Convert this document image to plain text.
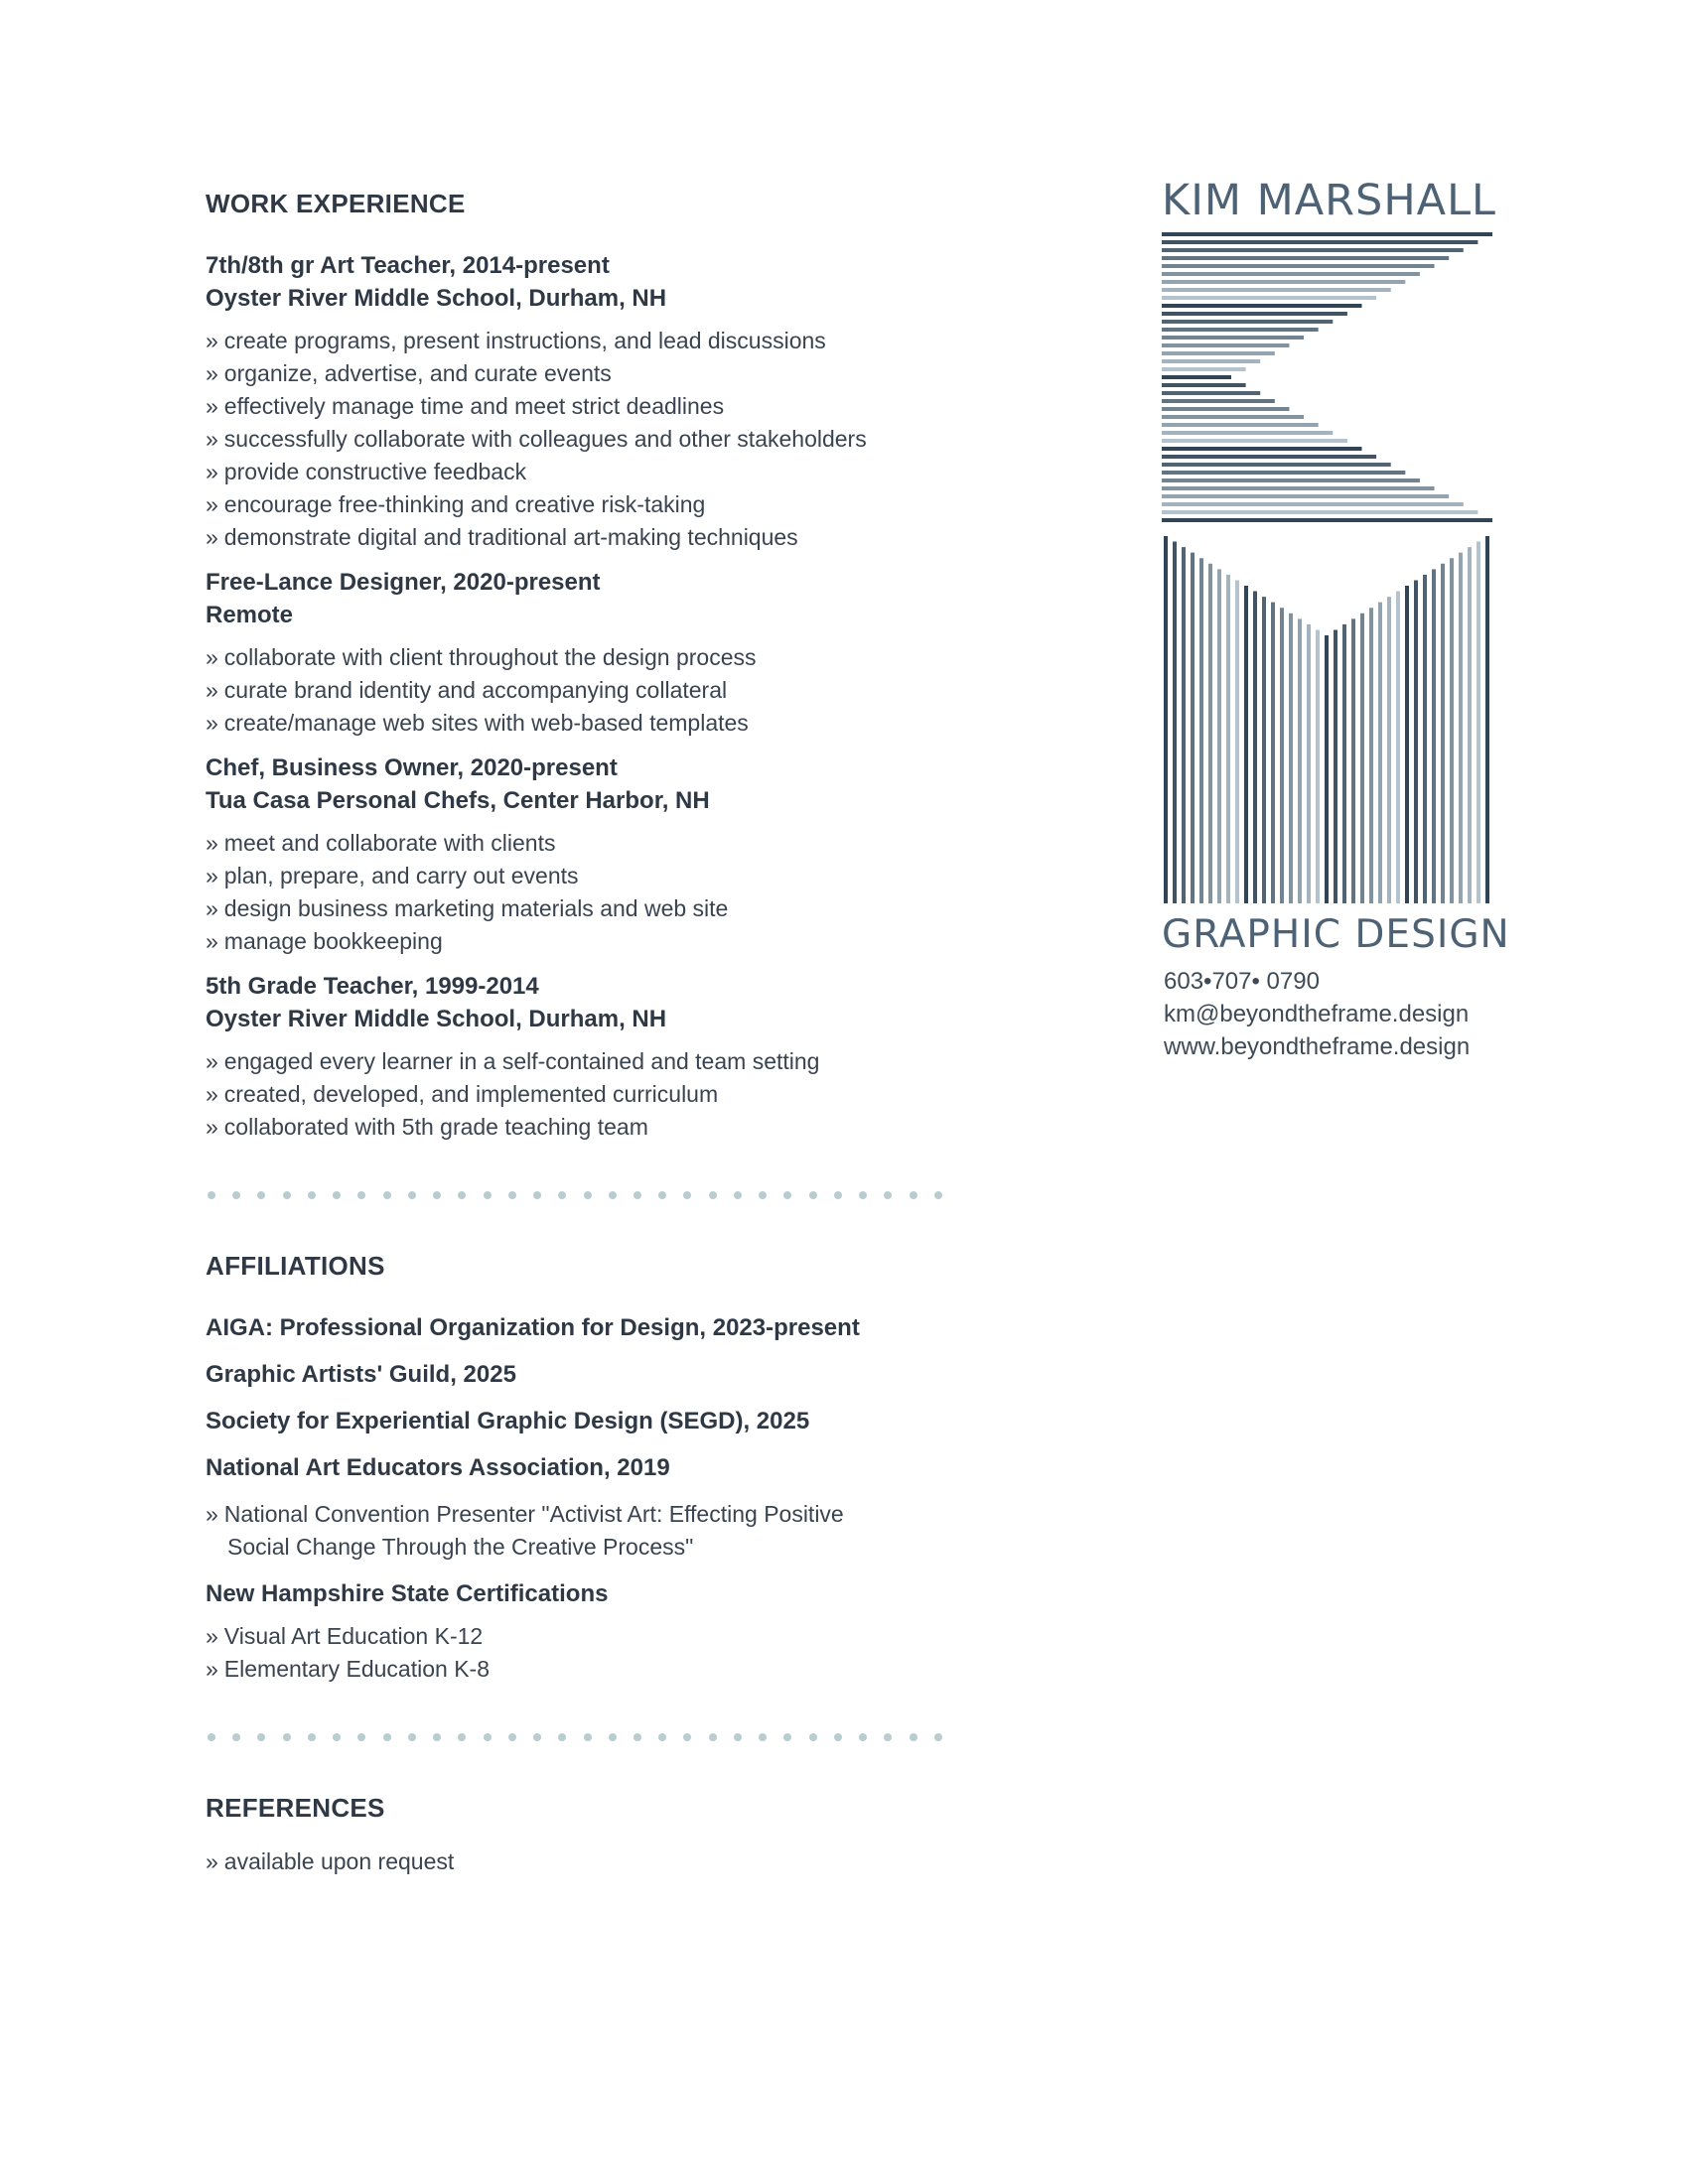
WORK EXPERIENCE
7th/8th gr Art Teacher, 2014-present
Oyster River Middle School, Durham, NH
» create programs, present instructions, and lead discussions
» organize, advertise, and curate events
» effectively manage time and meet strict deadlines
» successfully collaborate with colleagues and other stakeholders
» provide constructive feedback
» encourage free-thinking and creative risk-taking
» demonstrate digital and traditional art-making techniques
Free-Lance Designer, 2020-present
Remote
» collaborate with client throughout the design process
» curate brand identity and accompanying collateral
» create/manage web sites with web-based templates
Chef, Business Owner, 2020-present
Tua Casa Personal Chefs, Center Harbor, NH
» meet and collaborate with clients
» plan, prepare, and carry out events
» design business marketing materials and web site
» manage bookkeeping
5th Grade Teacher, 1999-2014
Oyster River Middle School, Durham, NH
» engaged every learner in a self-contained and team setting
» created, developed, and implemented curriculum
» collaborated with 5th grade teaching team
AFFILIATIONS
AIGA: Professional Organization for Design, 2023-present
Graphic Artists' Guild, 2025
Society for Experiential Graphic Design (SEGD), 2025
National Art Educators Association, 2019
» National Convention Presenter "Activist Art: Effecting Positive
Social Change Through the Creative Process"
New Hampshire State Certifications
» Visual Art Education K-12
» Elementary Education K-8
REFERENCES
» available upon request
KIM MARSHALL
GRAPHIC DESIGN
603•707• 0790
km@beyondtheframe.design
www.beyondtheframe.design
